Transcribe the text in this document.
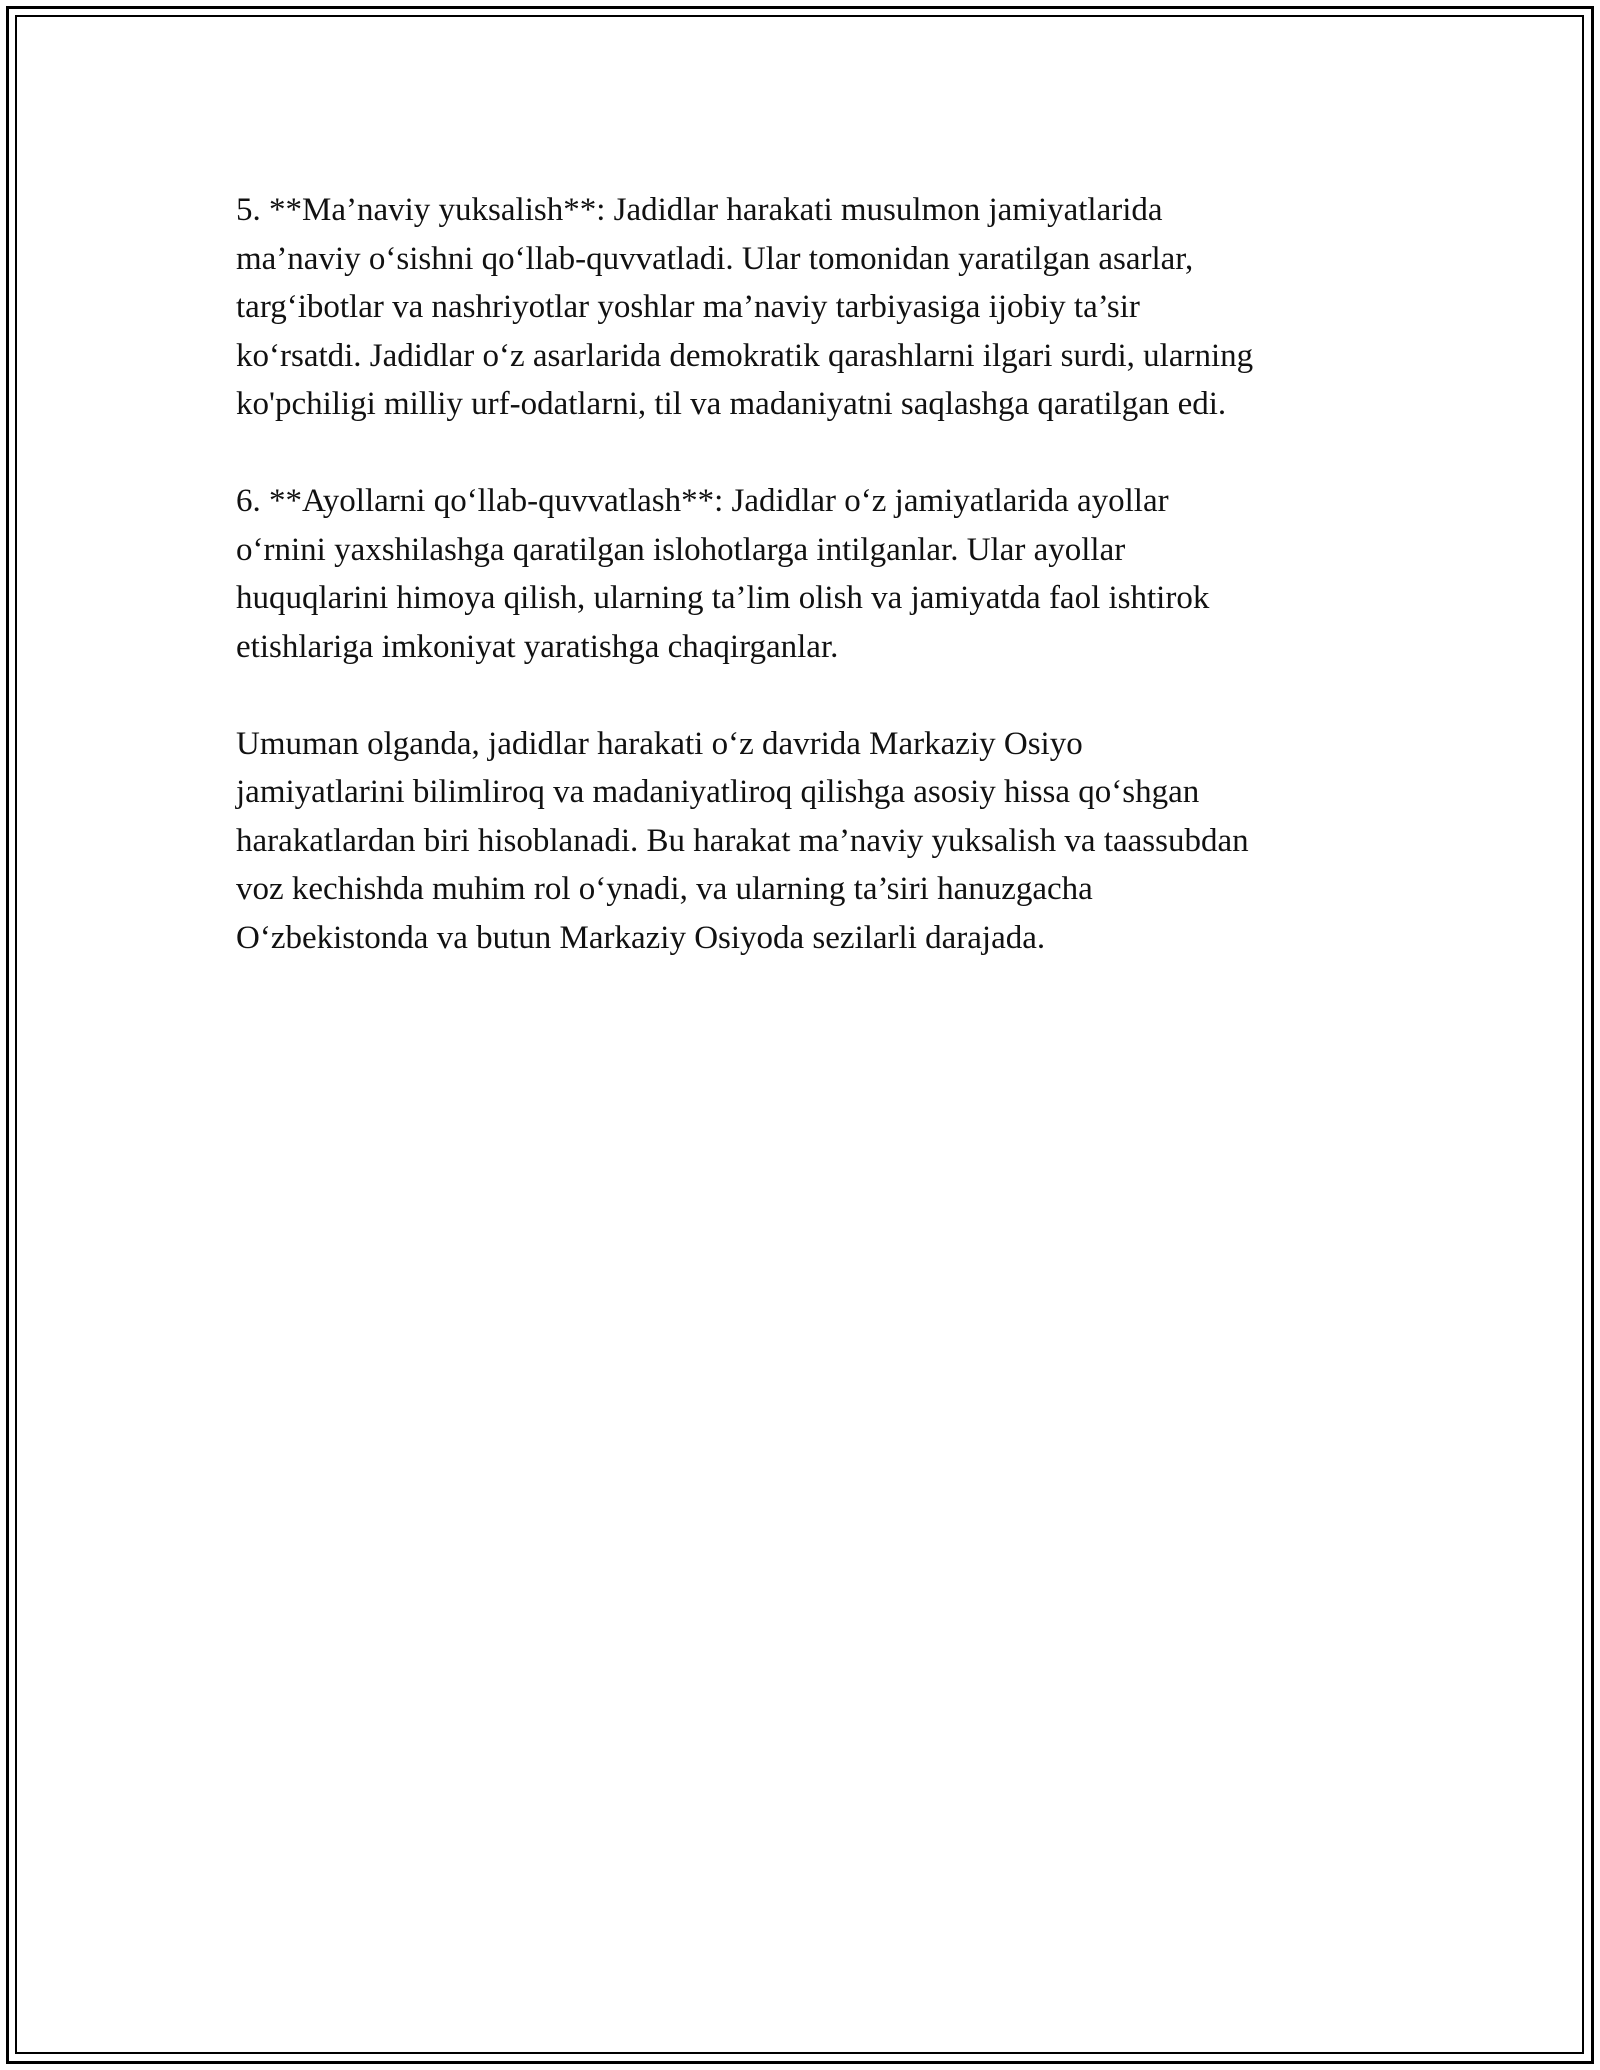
5. **Ma’naviy yuksalish**: Jadidlar harakati musulmon jamiyatlarida
ma’naviy o‘sishni qo‘llab-quvvatladi. Ular tomonidan yaratilgan asarlar,
targ‘ibotlar va nashriyotlar yoshlar ma’naviy tarbiyasiga ijobiy ta’sir
ko‘rsatdi. Jadidlar o‘z asarlarida demokratik qarashlarni ilgari surdi, ularning
ko'pchiligi milliy urf-odatlarni, til va madaniyatni saqlashga qaratilgan edi.

6. **Ayollarni qo‘llab-quvvatlash**: Jadidlar o‘z jamiyatlarida ayollar
o‘rnini yaxshilashga qaratilgan islohotlarga intilganlar. Ular ayollar
huquqlarini himoya qilish, ularning ta’lim olish va jamiyatda faol ishtirok
etishlariga imkoniyat yaratishga chaqirganlar.

Umuman olganda, jadidlar harakati o‘z davrida Markaziy Osiyo
jamiyatlarini bilimliroq va madaniyatliroq qilishga asosiy hissa qo‘shgan
harakatlardan biri hisoblanadi. Bu harakat ma’naviy yuksalish va taassubdan
voz kechishda muhim rol o‘ynadi, va ularning ta’siri hanuzgacha
O‘zbekistonda va butun Markaziy Osiyoda sezilarli darajada.
